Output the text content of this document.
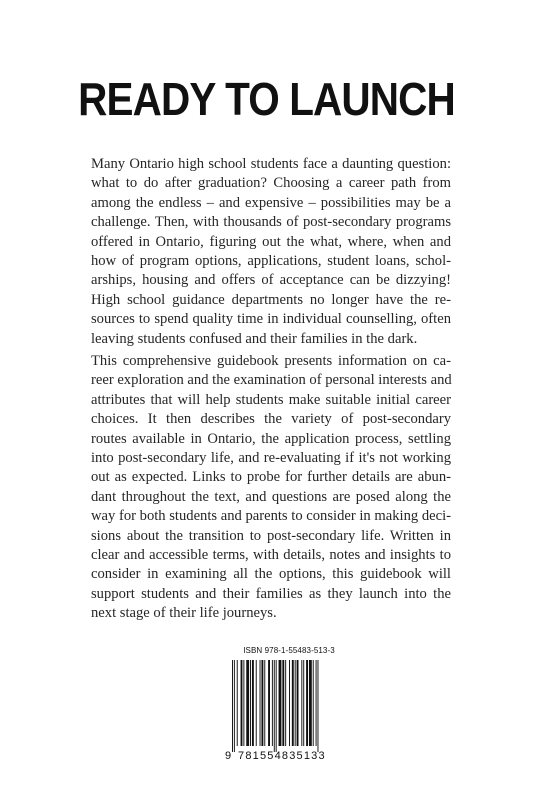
READY TO LAUNCH

Many Ontario high school students face a daunting question:
what to do after graduation? Choosing a career path from
among the endless – and expensive – possibilities may be a
challenge. Then, with thousands of post-secondary programs
offered in Ontario, figuring out the what, where, when and
how of program options, applications, student loans, schol-
arships, housing and offers of acceptance can be dizzying!
High school guidance departments no longer have the re-
sources to spend quality time in individual counselling, often
leaving students confused and their families in the dark.

This comprehensive guidebook presents information on ca-
reer exploration and the examination of personal interests and
attributes that will help students make suitable initial career
choices. It then describes the variety of post-secondary
routes available in Ontario, the application process, settling
into post-secondary life, and re-evaluating if it's not working
out as expected. Links to probe for further details are abun-
dant throughout the text, and questions are posed along the
way for both students and parents to consider in making deci-
sions about the transition to post-secondary life. Written in
clear and accessible terms, with details, notes and insights to
consider in examining all the options, this guidebook will
support students and their families as they launch into the
next stage of their life journeys.

ISBN 978-1-55483-513-3
9 781554835133
